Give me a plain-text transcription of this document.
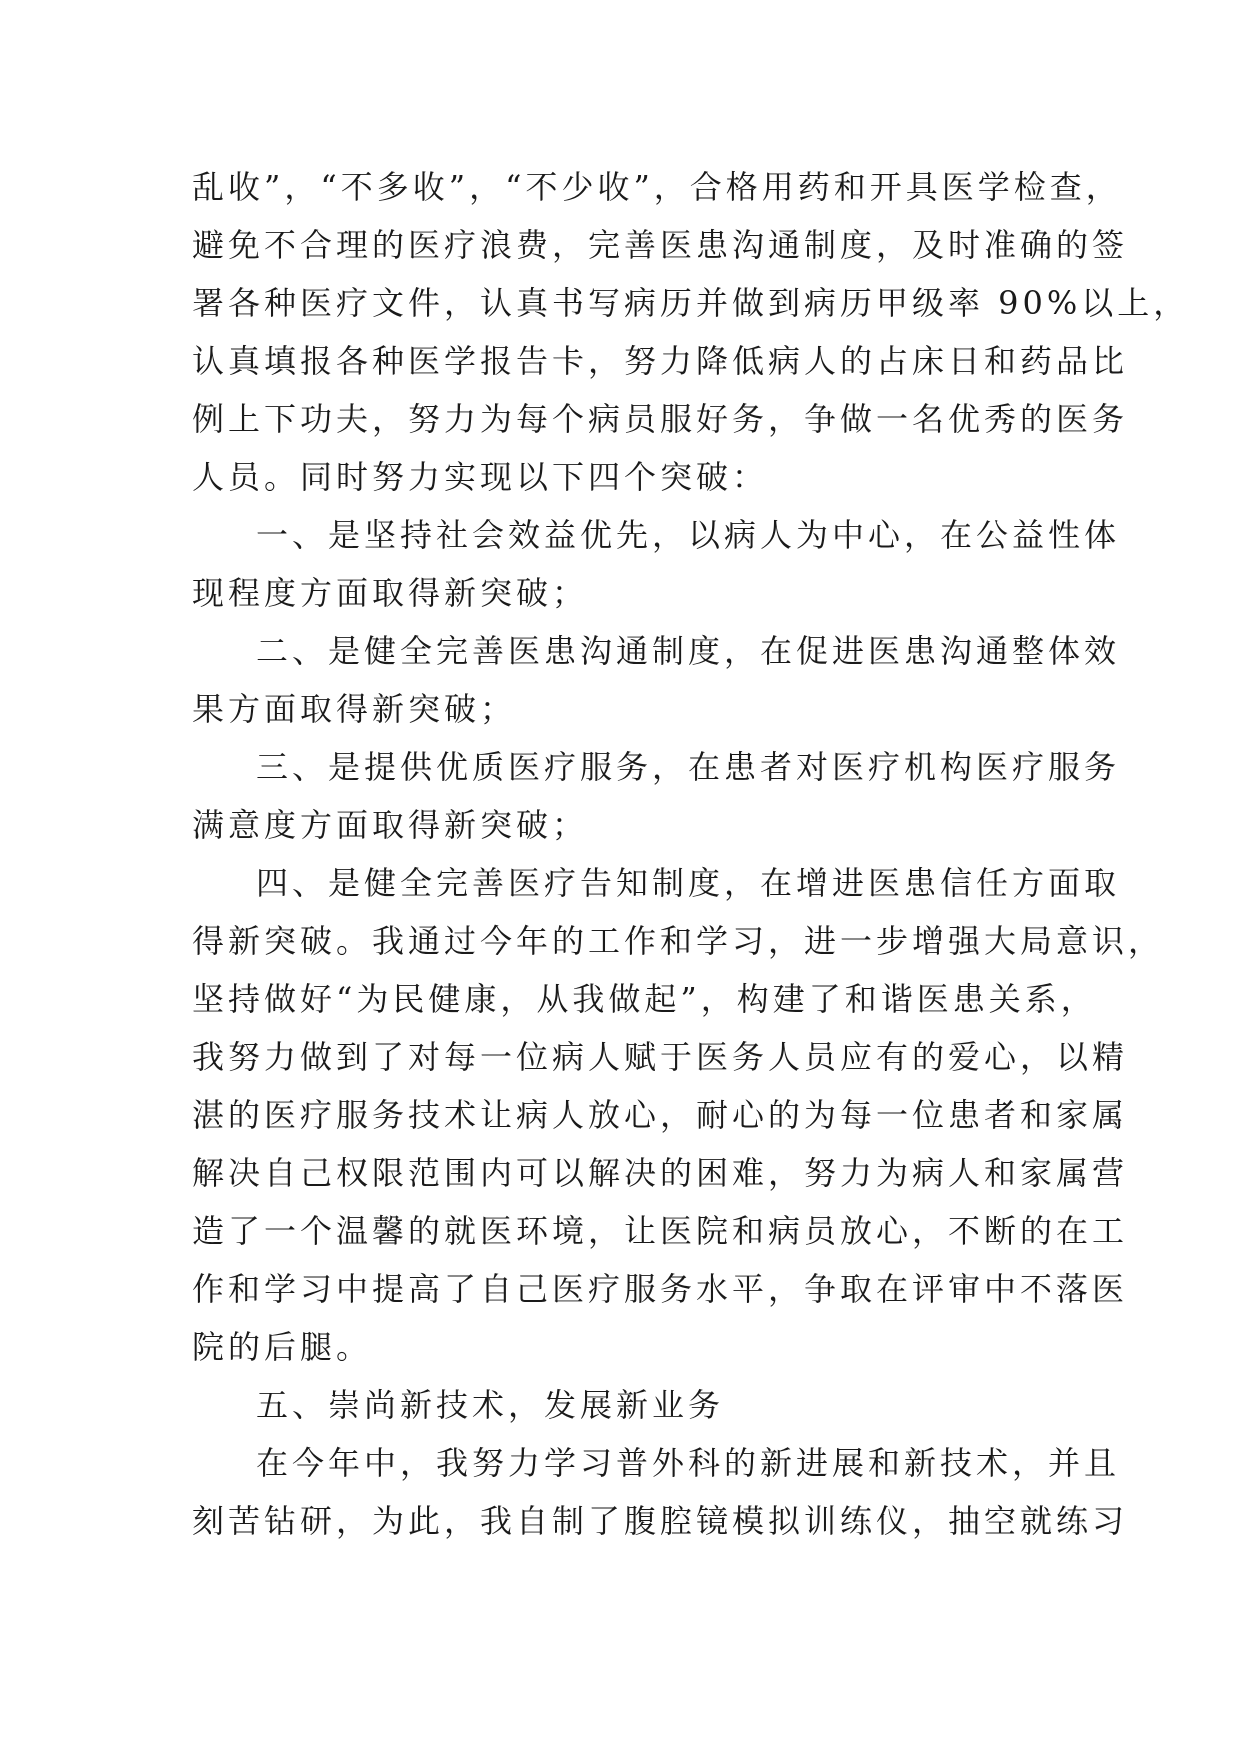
乱收”，“不多收”，“不少收”，合格用药和开具医学检查，
避免不合理的医疗浪费，完善医患沟通制度，及时准确的签
署各种医疗文件，认真书写病历并做到病历甲级率 90%以上，
认真填报各种医学报告卡，努力降低病人的占床日和药品比
例上下功夫，努力为每个病员服好务，争做一名优秀的医务
人员。同时努力实现以下四个突破：
一、是坚持社会效益优先，以病人为中心，在公益性体
现程度方面取得新突破；
二、是健全完善医患沟通制度，在促进医患沟通整体效
果方面取得新突破；
三、是提供优质医疗服务，在患者对医疗机构医疗服务
满意度方面取得新突破；
四、是健全完善医疗告知制度，在增进医患信任方面取
得新突破。我通过今年的工作和学习，进一步增强大局意识，
坚持做好“为民健康，从我做起”，构建了和谐医患关系，
我努力做到了对每一位病人赋于医务人员应有的爱心，以精
湛的医疗服务技术让病人放心，耐心的为每一位患者和家属
解决自己权限范围内可以解决的困难，努力为病人和家属营
造了一个温馨的就医环境，让医院和病员放心，不断的在工
作和学习中提高了自己医疗服务水平，争取在评审中不落医
院的后腿。
五、崇尚新技术，发展新业务
在今年中，我努力学习普外科的新进展和新技术，并且
刻苦钻研，为此，我自制了腹腔镜模拟训练仪，抽空就练习
